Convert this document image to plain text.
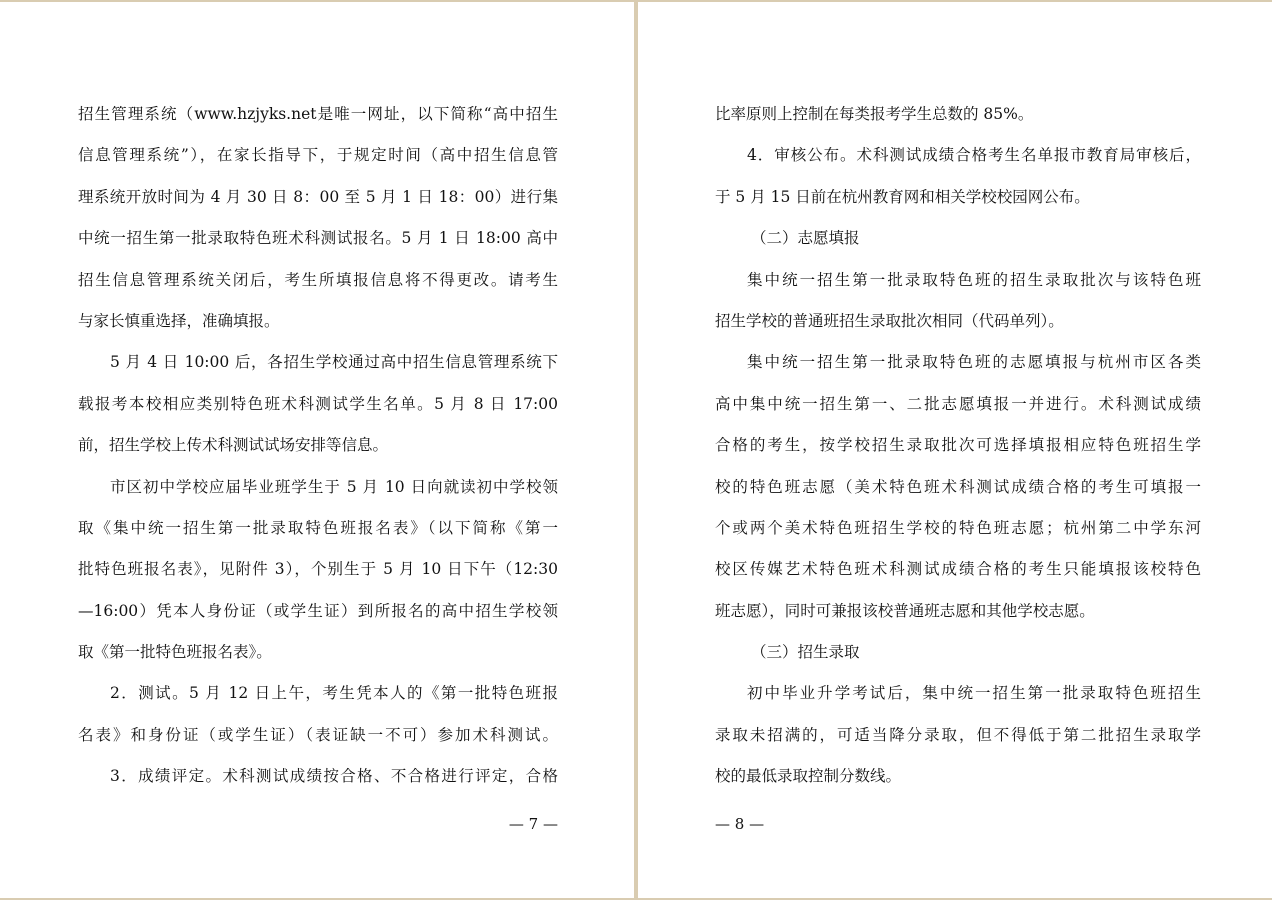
招生管理系统（www.hzjyks.net是唯一网址，以下简称“高中招生
信息管理系统”），在家长指导下，于规定时间（高中招生信息管
理系统开放时间为 4 月 30 日 8：00 至 5 月 1 日 18：00）进行集
中统一招生第一批录取特色班术科测试报名。5 月 1 日 18:00 高中
招生信息管理系统关闭后，考生所填报信息将不得更改。请考生
与家长慎重选择，准确填报。
5 月 4 日 10:00 后，各招生学校通过高中招生信息管理系统下
载报考本校相应类别特色班术科测试学生名单。5 月 8 日 17:00
前，招生学校上传术科测试试场安排等信息。
市区初中学校应届毕业班学生于 5 月 10 日向就读初中学校领
取《集中统一招生第一批录取特色班报名表》（以下简称《第一
批特色班报名表》，见附件 3），个别生于 5 月 10 日下午（12:30
—16:00）凭本人身份证（或学生证）到所报名的高中招生学校领
取《第一批特色班报名表》。
2．测试。5 月 12 日上午，考生凭本人的《第一批特色班报
名表》和身份证（或学生证）（表证缺一不可）参加术科测试。
3．成绩评定。术科测试成绩按合格、不合格进行评定，合格
— 7 —
比率原则上控制在每类报考学生总数的 85%。
4．审核公布。术科测试成绩合格考生名单报市教育局审核后，
于 5 月 15 日前在杭州教育网和相关学校校园网公布。
（二）志愿填报
集中统一招生第一批录取特色班的招生录取批次与该特色班
招生学校的普通班招生录取批次相同（代码单列）。
集中统一招生第一批录取特色班的志愿填报与杭州市区各类
高中集中统一招生第一、二批志愿填报一并进行。术科测试成绩
合格的考生，按学校招生录取批次可选择填报相应特色班招生学
校的特色班志愿（美术特色班术科测试成绩合格的考生可填报一
个或两个美术特色班招生学校的特色班志愿；杭州第二中学东河
校区传媒艺术特色班术科测试成绩合格的考生只能填报该校特色
班志愿），同时可兼报该校普通班志愿和其他学校志愿。
（三）招生录取
初中毕业升学考试后，集中统一招生第一批录取特色班招生
录取未招满的，可适当降分录取，但不得低于第二批招生录取学
校的最低录取控制分数线。
— 8 —
